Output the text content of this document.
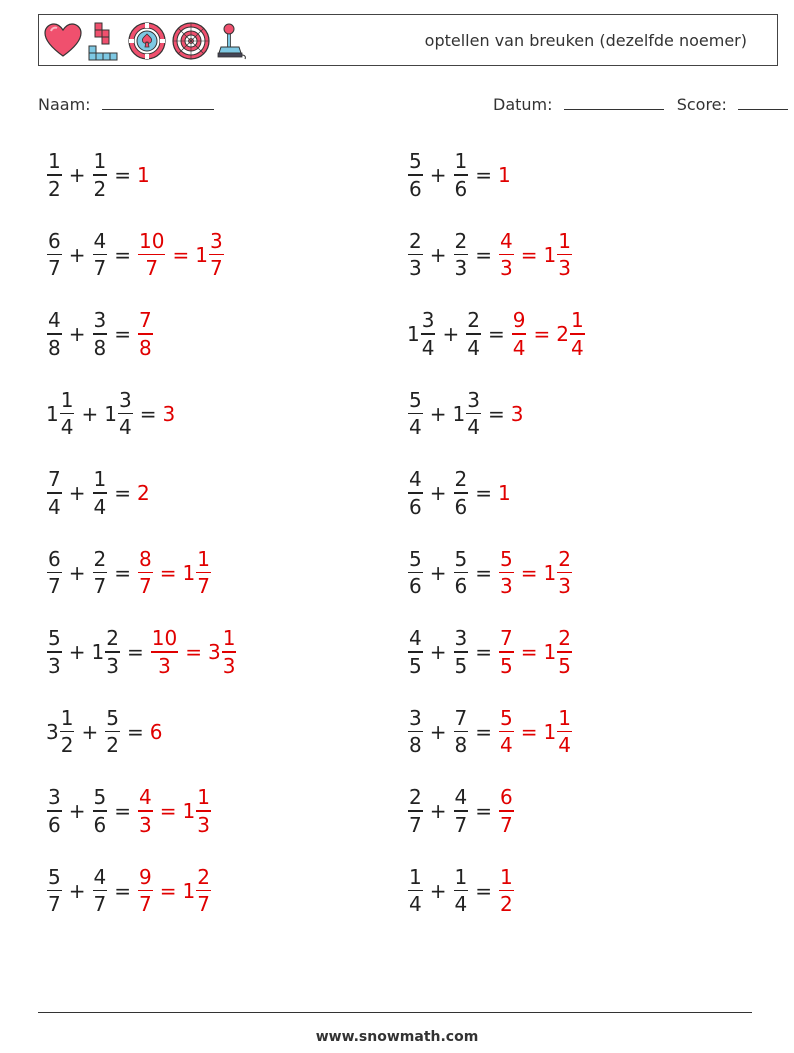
optellen van breuken (dezelfde noemer)
Naam:	Datum:	Score:
$\frac{1}{2} + \frac{1}{2} = 1$	$\frac{5}{6} + \frac{1}{6} = 1$
$\frac{6}{7} + \frac{4}{7} = \frac{10}{7} = 1 \frac{3}{7}$	$\frac{2}{3} + \frac{2}{3} = \frac{4}{3} = 1 \frac{1}{3}$
$\frac{4}{8} + \frac{3}{8} = \frac{7}{8}$	$1 \frac{3}{4} + \frac{2}{4} = \frac{9}{4} = 2 \frac{1}{4}$
$1 \frac{1}{4} + 1 \frac{3}{4} = 3$	$\frac{5}{4} + 1 \frac{3}{4} = 3$
$\frac{7}{4} + \frac{1}{4} = 2$	$\frac{4}{6} + \frac{2}{6} = 1$
$\frac{6}{7} + \frac{2}{7} = \frac{8}{7} = 1 \frac{1}{7}$	$\frac{5}{6} + \frac{5}{6} = \frac{5}{3} = 1 \frac{2}{3}$
$\frac{5}{3} + 1 \frac{2}{3} = \frac{10}{3} = 3 \frac{1}{3}$	$\frac{4}{5} + \frac{3}{5} = \frac{7}{5} = 1 \frac{2}{5}$
$3 \frac{1}{2} + \frac{5}{2} = 6$	$\frac{3}{8} + \frac{7}{8} = \frac{5}{4} = 1 \frac{1}{4}$
$\frac{3}{6} + \frac{5}{6} = \frac{4}{3} = 1 \frac{1}{3}$	$\frac{2}{7} + \frac{4}{7} = \frac{6}{7}$
$\frac{5}{7} + \frac{4}{7} = \frac{9}{7} = 1 \frac{2}{7}$	$\frac{1}{4} + \frac{1}{4} = \frac{1}{2}$
www.snowmath.com
